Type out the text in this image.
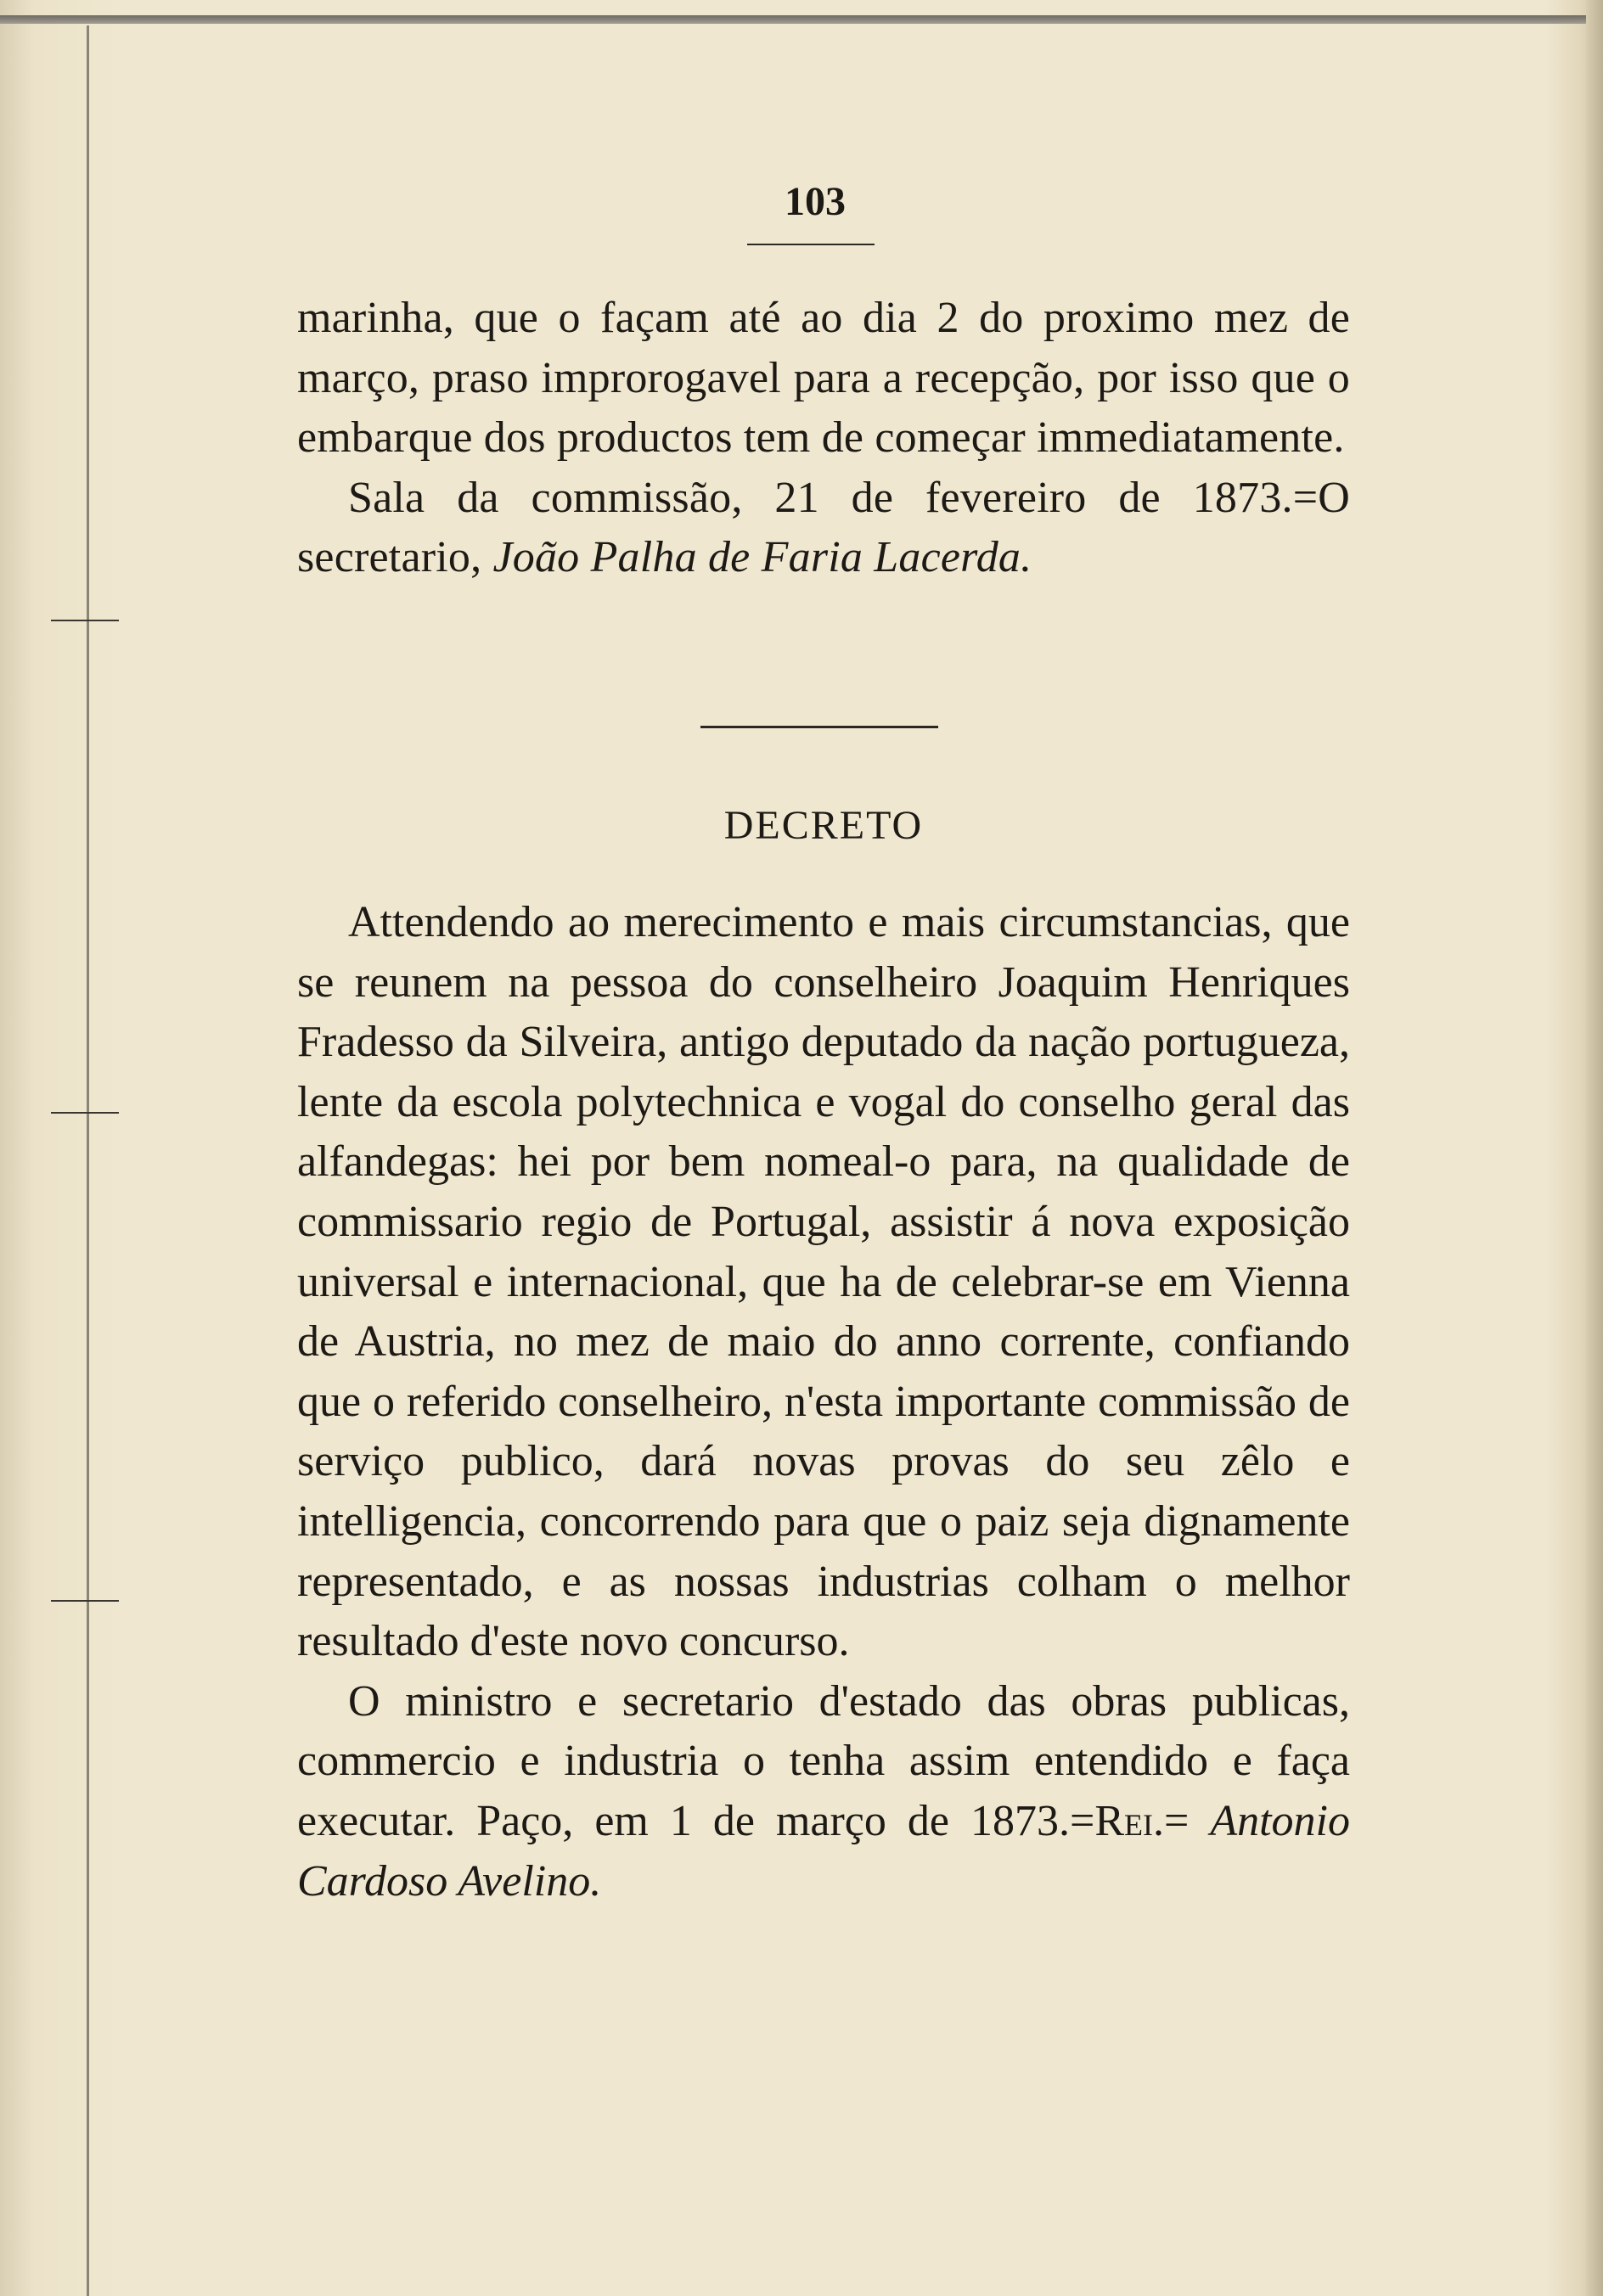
103

marinha, que o façam até ao dia 2 do proximo mez de março, praso improrogavel para a recepção, por isso que o embarque dos productos tem de começar immediatamente.

Sala da commissão, 21 de fevereiro de 1873.=O secretario, João Palha de Faria Lacerda.

DECRETO

Attendendo ao merecimento e mais circumstancias, que se reunem na pessoa do conselheiro Joaquim Henriques Fradesso da Silveira, antigo deputado da nação portugueza, lente da escola polytechnica e vogal do conselho geral das alfandegas: hei por bem nomeal-o para, na qualidade de commissario regio de Portugal, assistir á nova exposição universal e internacional, que ha de celebrar-se em Vienna de Austria, no mez de maio do anno corrente, confiando que o referido conselheiro, n'esta importante commissão de serviço publico, dará novas provas do seu zêlo e intelligencia, concorrendo para que o paiz seja dignamente representado, e as nossas industrias colham o melhor resultado d'este novo concurso.

O ministro e secretario d'estado das obras publicas, commercio e industria o tenha assim entendido e faça executar. Paço, em 1 de março de 1873.=Rei.= Antonio Cardoso Avelino.
